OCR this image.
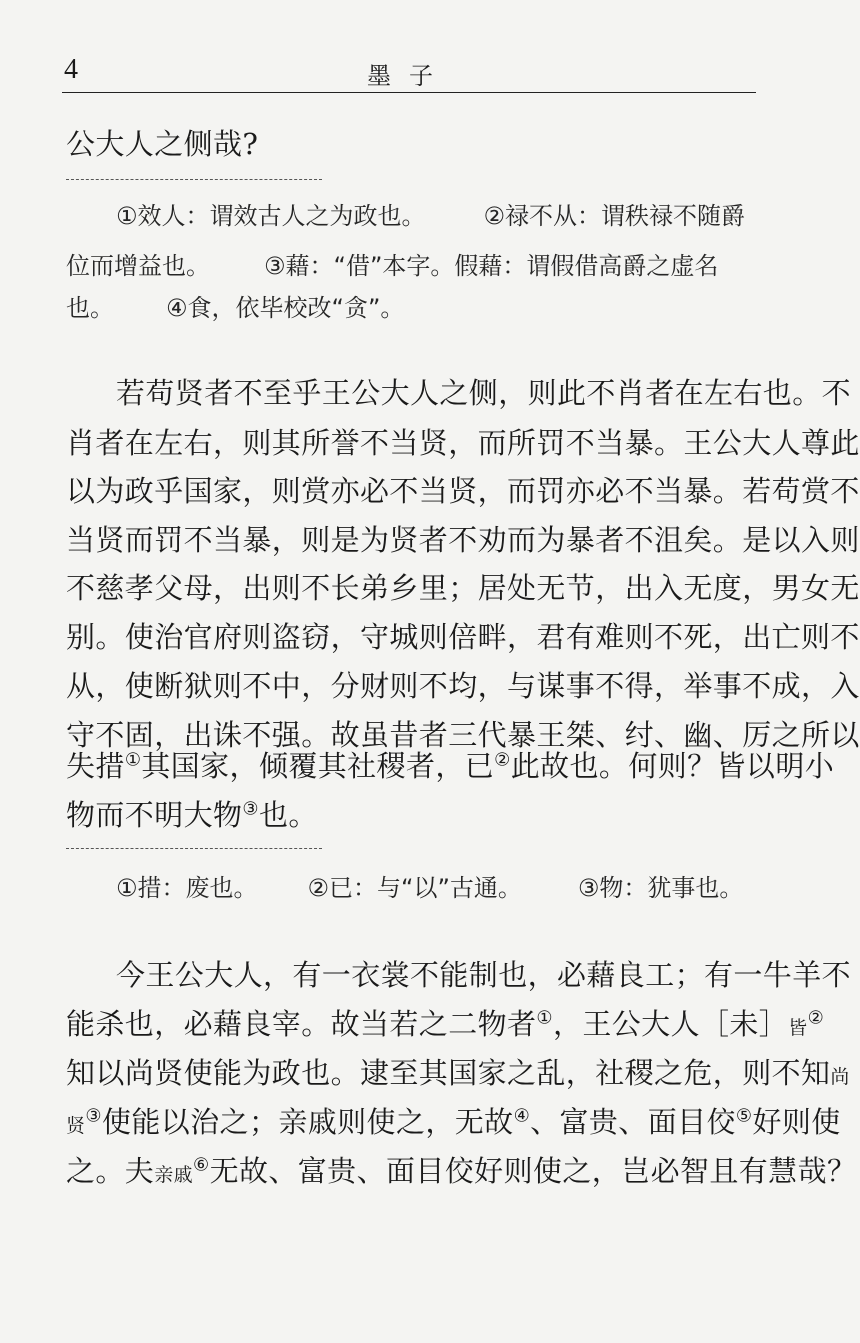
4	墨子
公大人之侧哉?
①效人：谓效古人之为政也。 ②禄不从：谓秩禄不随爵
位而增益也。 ③藉：“借”本字。假藉：谓假借高爵之虚名
也。 ④食，依毕校改“贪”。
若苟贤者不至乎王公大人之侧，则此不肖者在左右也。不
肖者在左右，则其所誉不当贤，而所罚不当暴。王公大人尊此
以为政乎国家，则赏亦必不当贤，而罚亦必不当暴。若苟赏不
当贤而罚不当暴，则是为贤者不劝而为暴者不沮矣。是以入则
不慈孝父母，出则不长弟乡里；居处无节，出入无度，男女无
别。使治官府则盗窃，守城则倍畔，君有难则不死，出亡则不
从，使断狱则不中，分财则不均，与谋事不得，举事不成，入
守不固，出诛不强。故虽昔者三代暴王桀、纣、幽、厉之所以
失措①其国家，倾覆其社稷者，已②此故也。何则？皆以明小
物而不明大物③也。
①措：废也。 ②已：与“以”古通。 ③物：犹事也。
今王公大人，有一衣裳不能制也，必藉良工；有一牛羊不
能杀也，必藉良宰。故当若之二物者①，王公大人［未］皆②
知以尚贤使能为政也。逮至其国家之乱，社稷之危，则不知尚
贤③使能以治之；亲戚则使之，无故④、富贵、面目佼⑤好则使
之。夫亲戚⑥无故、富贵、面目佼好则使之，岂必智且有慧哉？
